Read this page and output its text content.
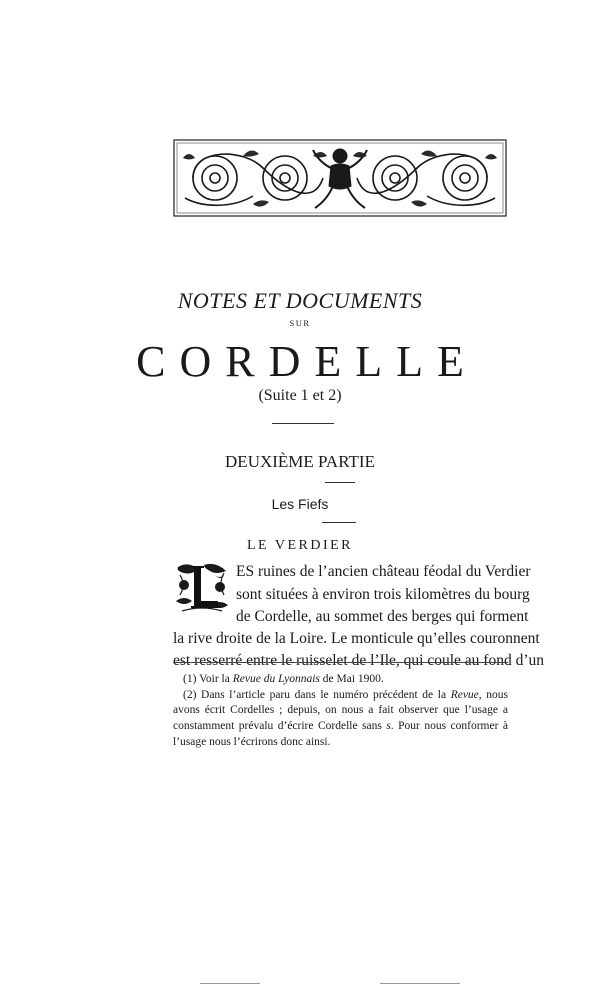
NOTES ET DOCUMENTS
SUR
CORDELLE
(Suite 1 et 2)
DEUXIÈME PARTIE
Les Fiefs
LE VERDIER
ES ruines de l’ancien château féodal du Verdier
sont situées à environ trois kilomètres du bourg
de Cordelle, au sommet des berges qui forment
la rive droite de la Loire. Le monticule qu’elles couronnent
est resserré entre le ruisselet de l’Ile, qui coule au fond d’un
(1) Voir la Revue du Lyonnais de Mai 1900.
(2) Dans l’article paru dans le numéro précédent de la Revue, nous
avons écrit Cordelles ; depuis, on nous a fait observer que l’usage a
constamment prévalu d’écrire Cordelle sans s. Pour nous conformer à
l’usage nous l’écrirons donc ainsi.
